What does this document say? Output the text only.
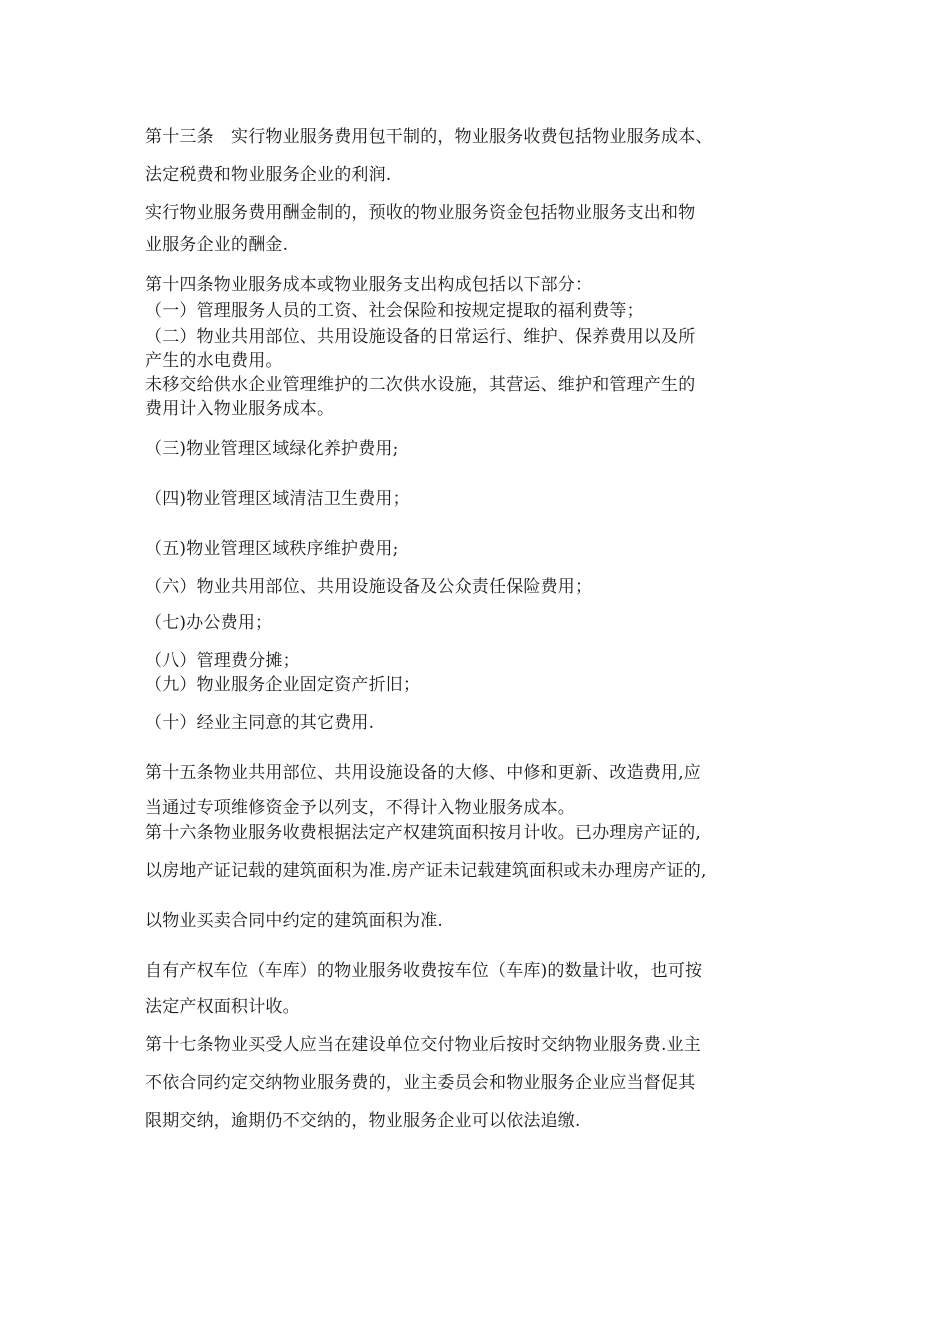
第十三条　实行物业服务费用包干制的，物业服务收费包括物业服务成本、
法定税费和物业服务企业的利润.
实行物业服务费用酬金制的，预收的物业服务资金包括物业服务支出和物
业服务企业的酬金.
第十四条物业服务成本或物业服务支出构成包括以下部分：
（一）管理服务人员的工资、社会保险和按规定提取的福利费等；
（二）物业共用部位、共用设施设备的日常运行、维护、保养费用以及所
产生的水电费用。
未移交给供水企业管理维护的二次供水设施，其营运、维护和管理产生的
费用计入物业服务成本。
（三)物业管理区域绿化养护费用;
（四)物业管理区域清洁卫生费用；
（五)物业管理区域秩序维护费用;
（六）物业共用部位、共用设施设备及公众责任保险费用；
（七)办公费用；
（八）管理费分摊；
（九）物业服务企业固定资产折旧；
（十）经业主同意的其它费用.
第十五条物业共用部位、共用设施设备的大修、中修和更新、改造费用,应
当通过专项维修资金予以列支，不得计入物业服务成本。
第十六条物业服务收费根据法定产权建筑面积按月计收。已办理房产证的,
以房地产证记载的建筑面积为准.房产证未记载建筑面积或未办理房产证的,
以物业买卖合同中约定的建筑面积为准.
自有产权车位（车库）的物业服务收费按车位（车库)的数量计收，也可按
法定产权面积计收。
第十七条物业买受人应当在建设单位交付物业后按时交纳物业服务费.业主
不依合同约定交纳物业服务费的，业主委员会和物业服务企业应当督促其
限期交纳，逾期仍不交纳的，物业服务企业可以依法追缴.
